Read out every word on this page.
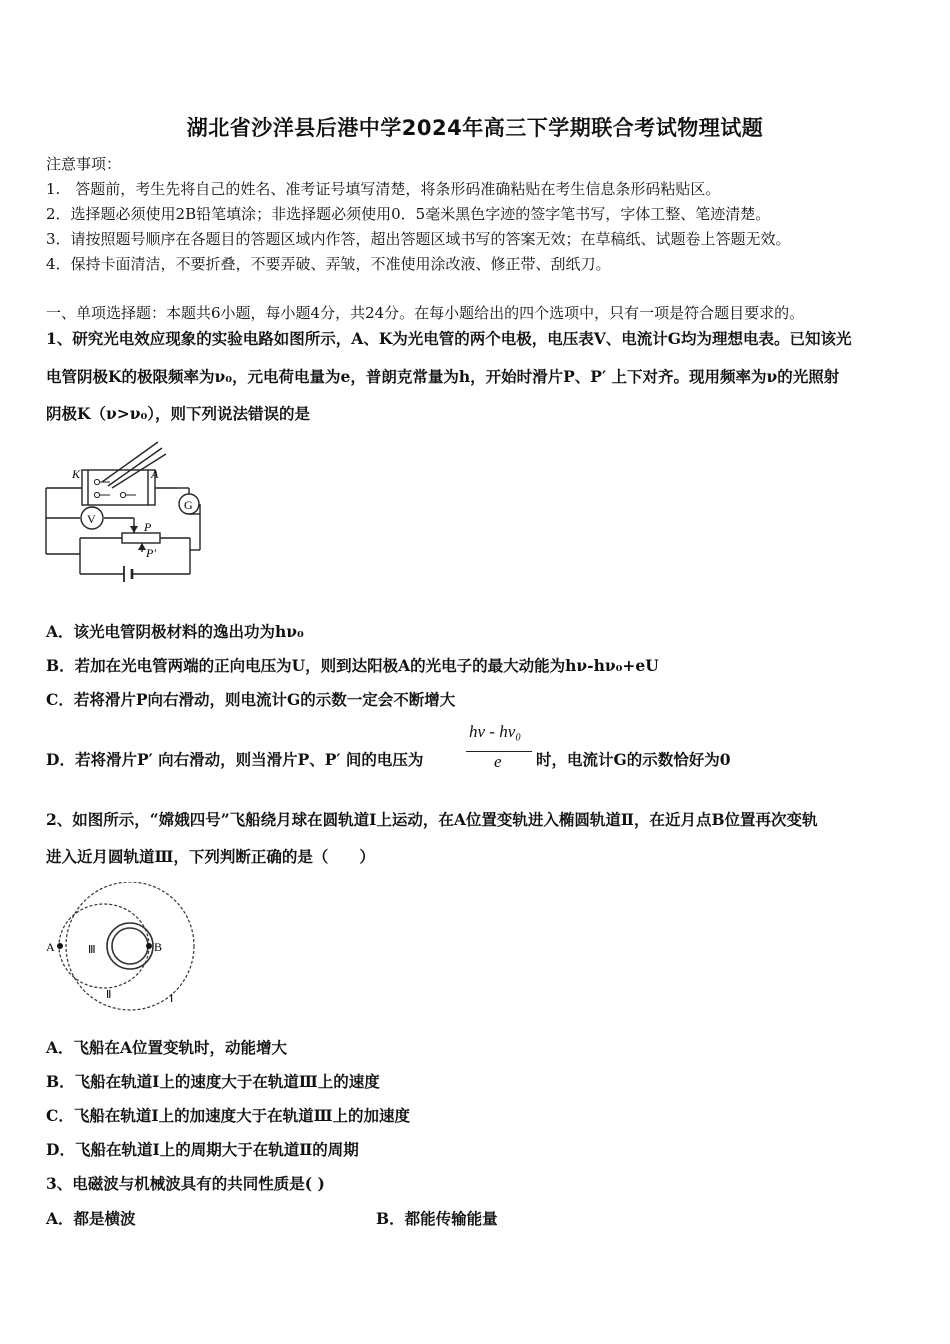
湖北省沙洋县后港中学2024年高三下学期联合考试物理试题
注意事项：
1.　答题前，考生先将自己的姓名、准考证号填写清楚，将条形码准确粘贴在考生信息条形码粘贴区。
2．选择题必须使用2B铅笔填涂；非选择题必须使用0．5毫米黑色字迹的签字笔书写，字体工整、笔迹清楚。
3．请按照题号顺序在各题目的答题区域内作答，超出答题区域书写的答案无效；在草稿纸、试题卷上答题无效。
4．保持卡面清洁，不要折叠，不要弄破、弄皱，不准使用涂改液、修正带、刮纸刀。
一、单项选择题：本题共6小题，每小题4分，共24分。在每小题给出的四个选项中，只有一项是符合题目要求的。
1、研究光电效应现象的实验电路如图所示，A、K为光电管的两个电极，电压表V、电流计G均为理想电表。已知该光
电管阴极K的极限频率为ν₀，元电荷电量为e，普朗克常量为h，开始时滑片P、P′ 上下对齐。现用频率为ν的光照射
阴极K（ν>ν₀），则下列说法错误的是
K	A
V
G
P
P′
A．该光电管阴极材料的逸出功为hν₀
B．若加在光电管两端的正向电压为U，则到达阳极A的光电子的最大动能为hν-hν₀+eU
C．若将滑片P向右滑动，则电流计G的示数一定会不断增大
D．若将滑片P′ 向右滑动，则当滑片P、P′ 间的电压为
hν - hν₀
e 时，电流计G的示数恰好为0
2、如图所示，“嫦娥四号”飞船绕月球在圆轨道Ⅰ上运动，在A位置变轨进入椭圆轨道Ⅱ，在近月点B位置再次变轨
进入近月圆轨道Ⅲ，下列判断正确的是（　　）
A	B
Ⅲ
Ⅱ	Ⅰ
A．飞船在A位置变轨时，动能增大
B．飞船在轨道Ⅰ上的速度大于在轨道Ⅲ上的速度
C．飞船在轨道Ⅰ上的加速度大于在轨道Ⅲ上的加速度
D．飞船在轨道Ⅰ上的周期大于在轨道Ⅱ的周期
3、电磁波与机械波具有的共同性质是( )
A．都是横波	B．都能传输能量
